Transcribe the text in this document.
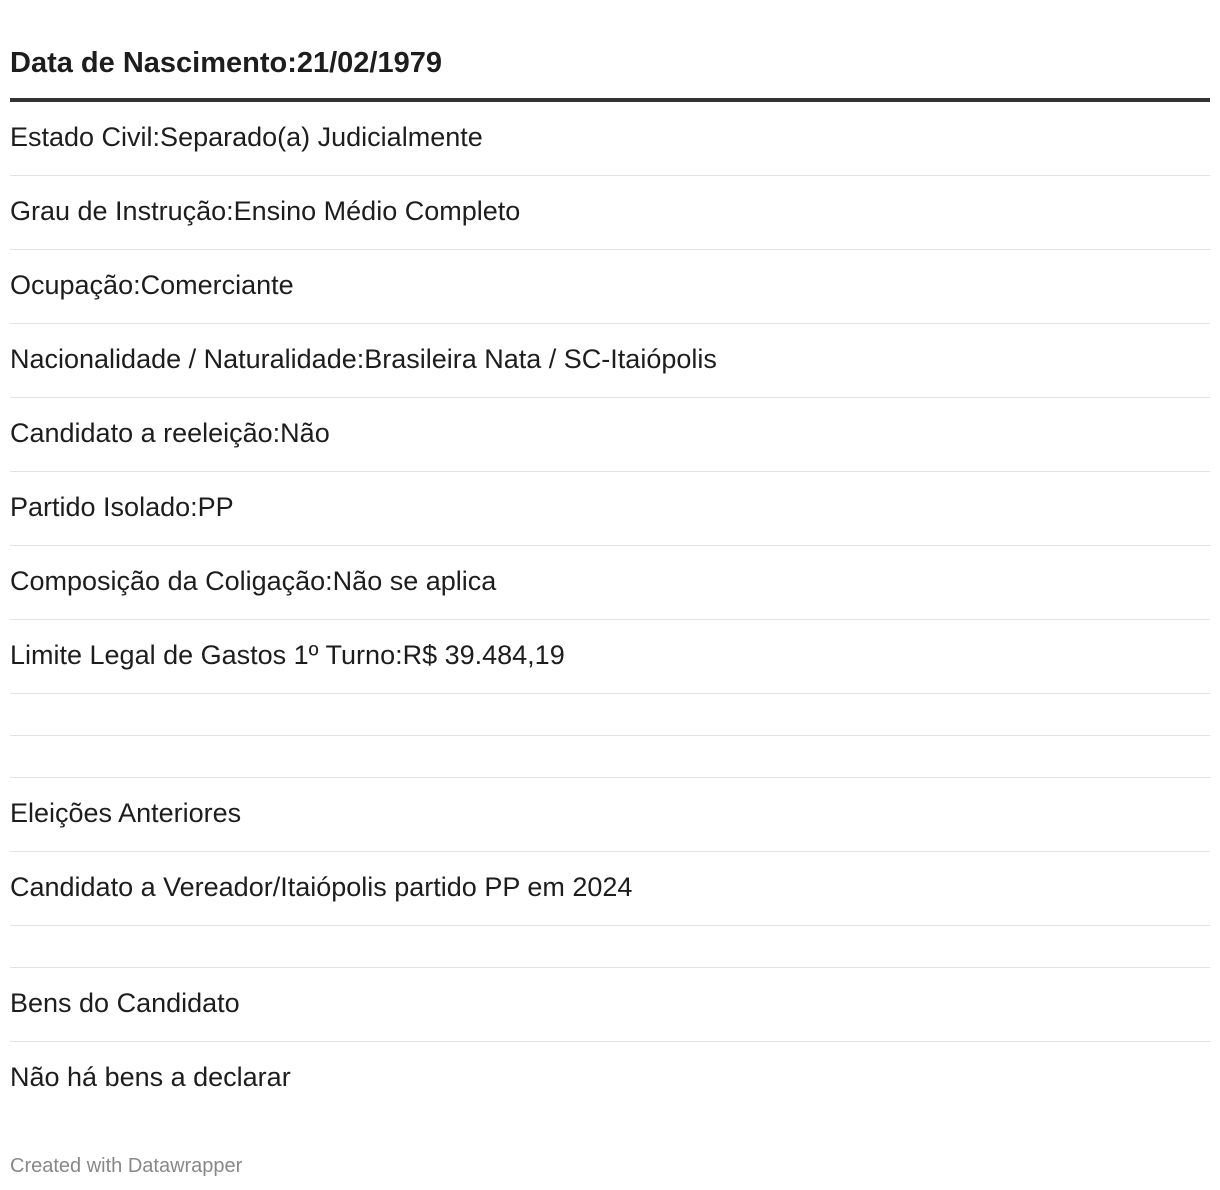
Data de Nascimento:21/02/1979
Estado Civil:Separado(a) Judicialmente
Grau de Instrução:Ensino Médio Completo
Ocupação:Comerciante
Nacionalidade / Naturalidade:Brasileira Nata / SC-Itaiópolis
Candidato a reeleição:Não
Partido Isolado:PP
Composição da Coligação:Não se aplica
Limite Legal de Gastos 1º Turno:R$ 39.484,19
Eleições Anteriores
Candidato a Vereador/Itaiópolis partido PP em 2024
Bens do Candidato
Não há bens a declarar
Created with Datawrapper
